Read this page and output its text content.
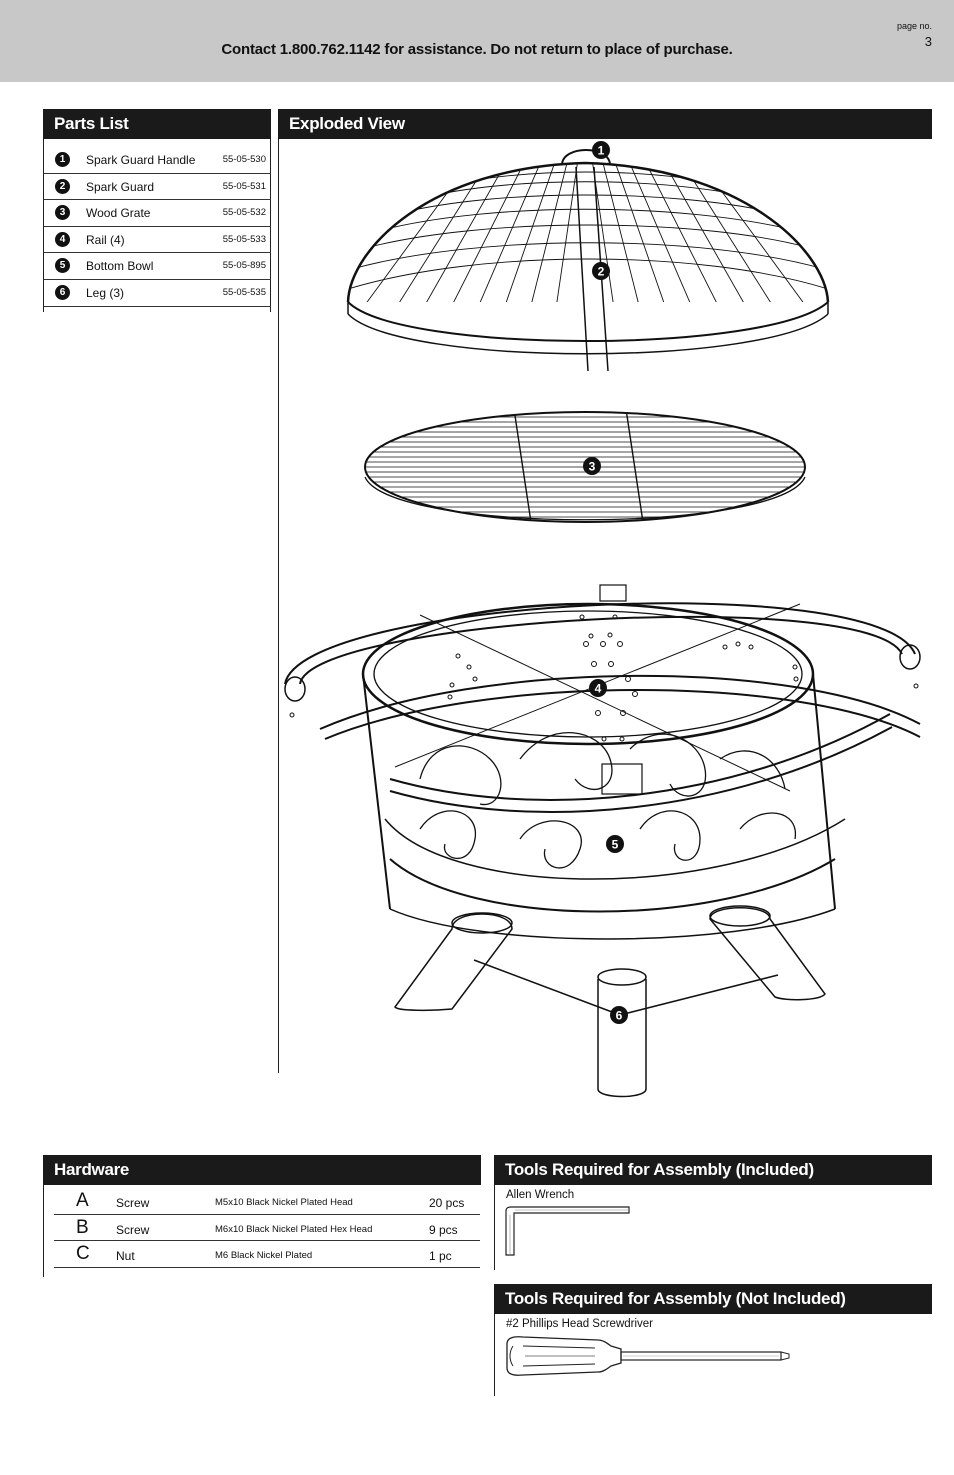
Contact 1.800.762.1142 for assistance. Do not return to place of purchase.
page no.
3
Parts List
1	Spark Guard Handle	55-05-530
2	Spark Guard	55-05-531
3	Wood Grate	55-05-532
4	Rail (4)	55-05-533
5	Bottom Bowl	55-05-895
6	Leg (3)	55-05-535
Exploded View
1
2
3
4
5
6
Hardware
A Screw	M5x10 Black Nickel Plated Head	20 pcs
B Screw	M6x10 Black Nickel Plated Hex Head	9 pcs
C Nut	M6 Black Nickel Plated	1 pc
Tools Required for Assembly (Included)
Allen Wrench
Tools Required for Assembly (Not Included)
#2 Phillips Head Screwdriver
